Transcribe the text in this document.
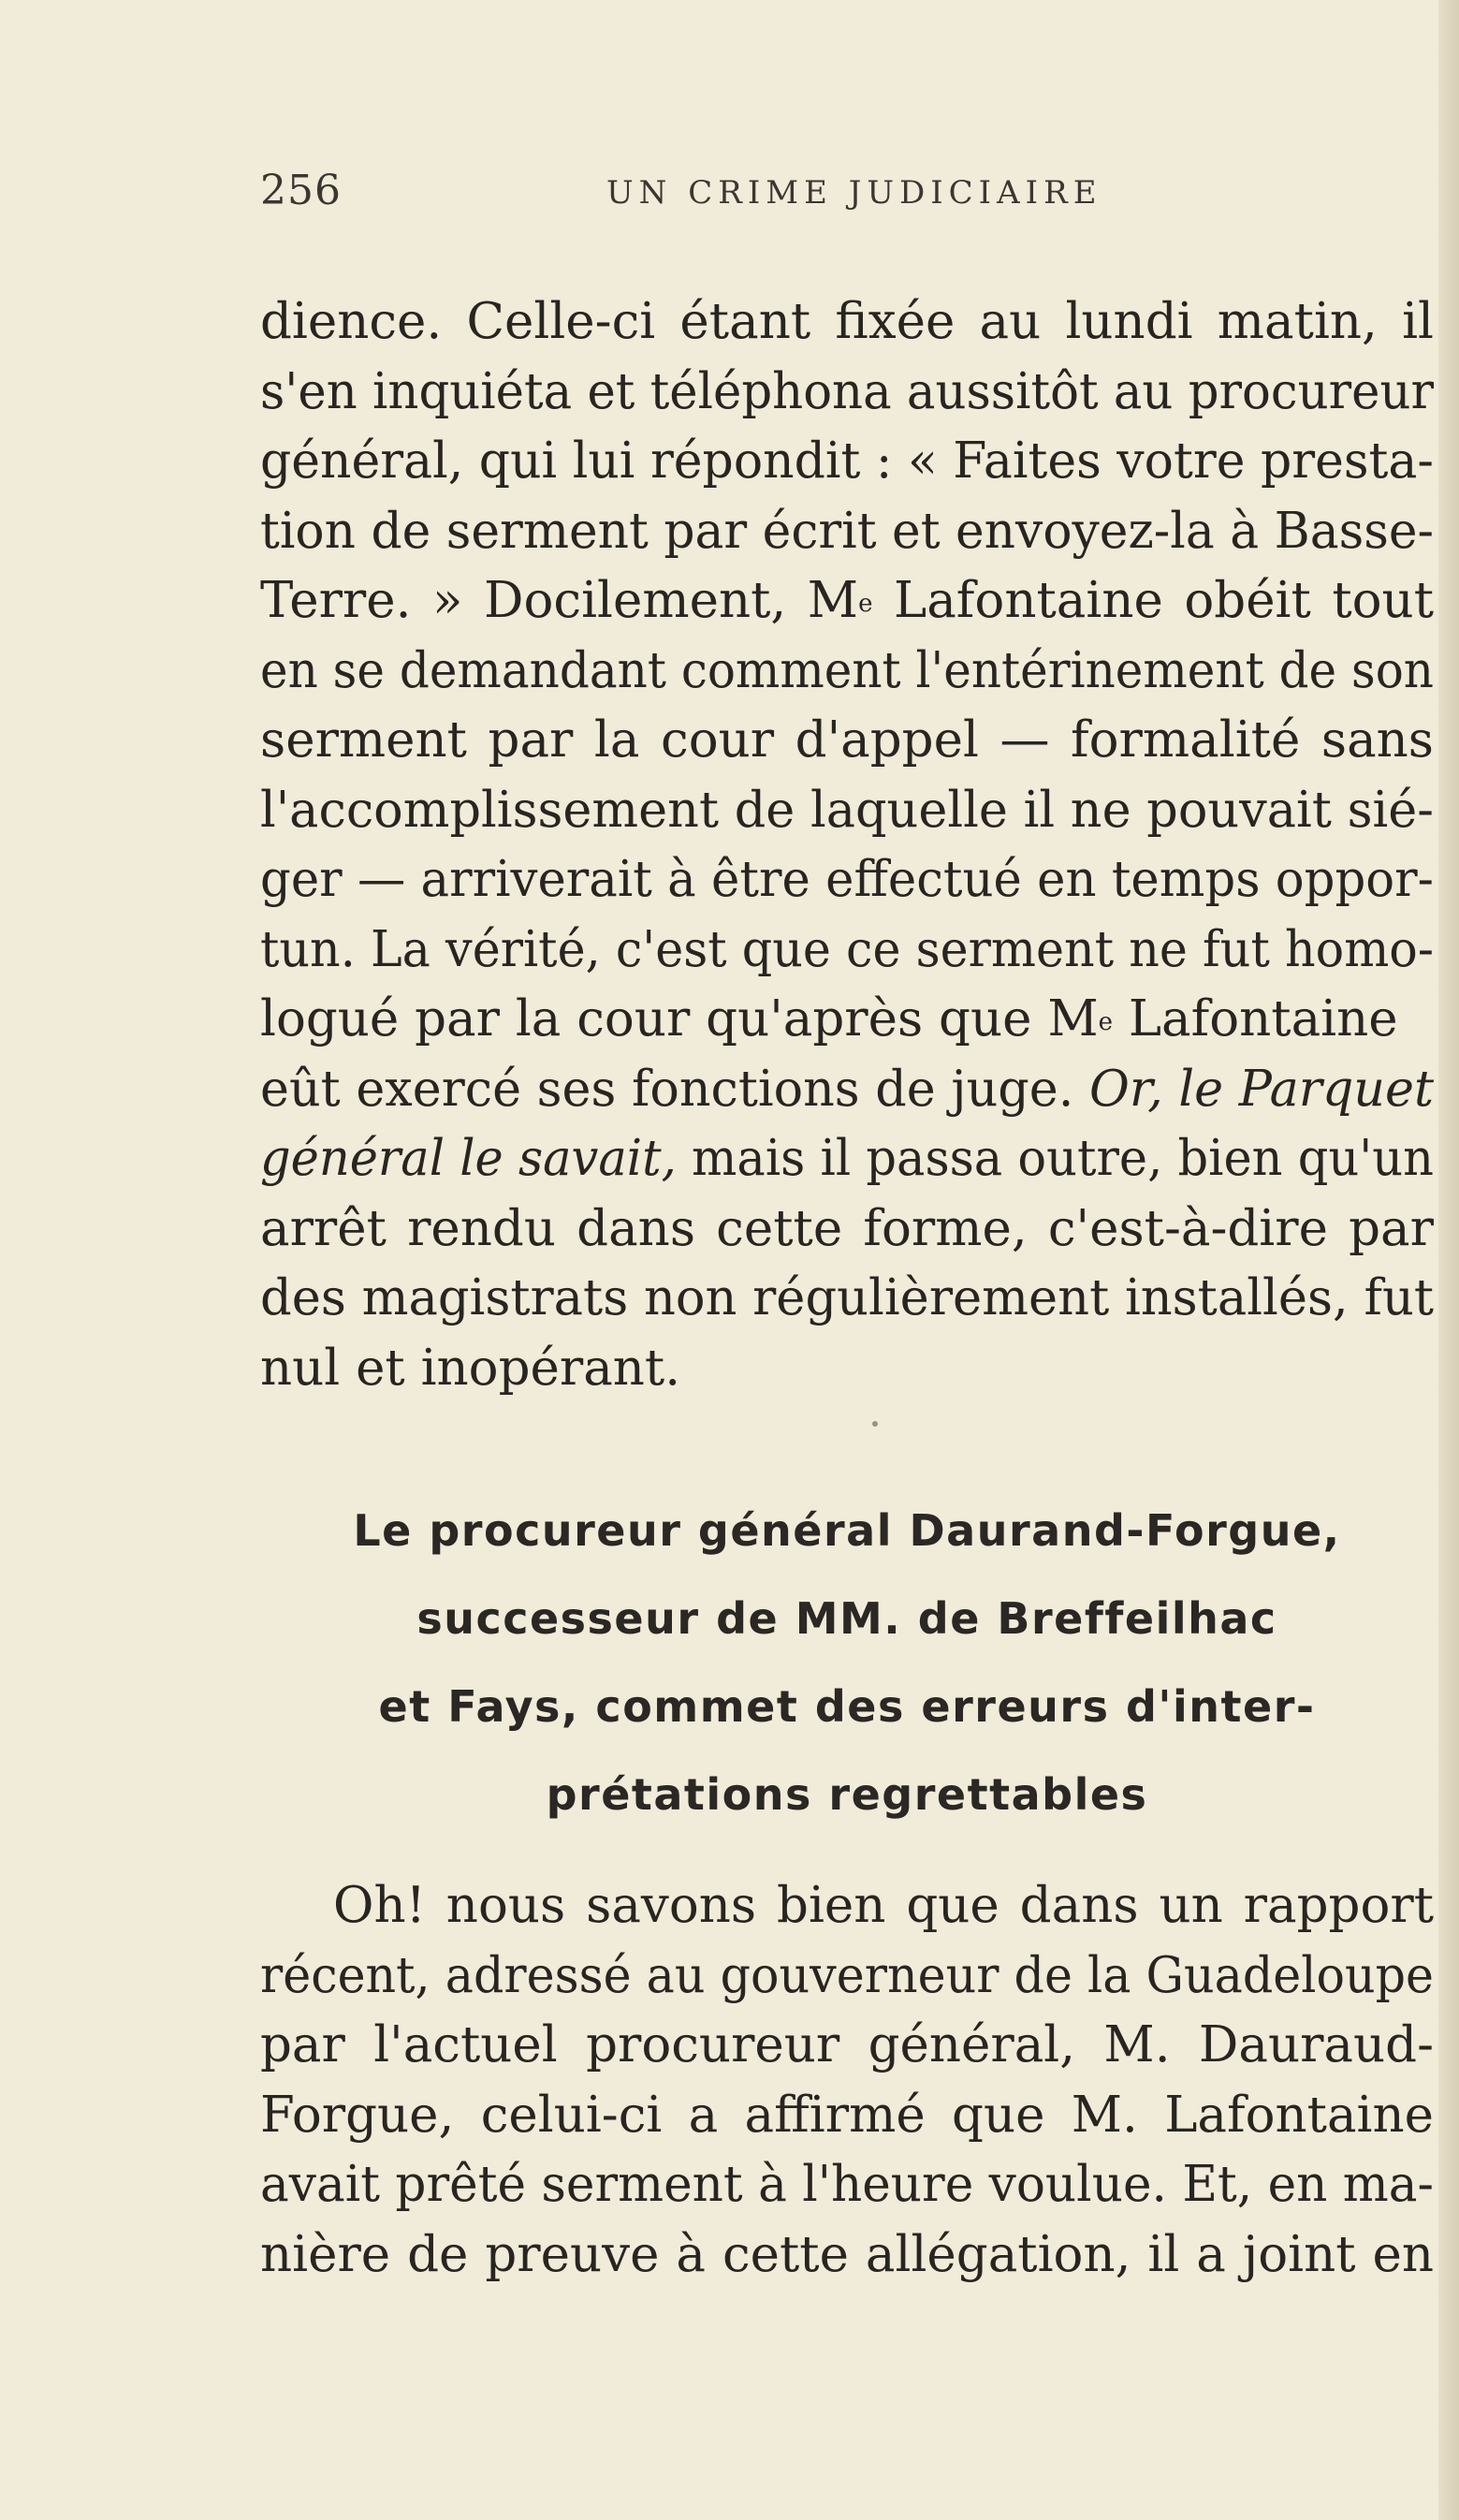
256	UN CRIME JUDICIAIRE
dience. Celle-ci étant fixée au lundi matin, il
s'en inquiéta et téléphona aussitôt au procureur
général, qui lui répondit : « Faites votre presta-
tion de serment par écrit et envoyez-la à Basse-
Terre. » Docilement, Me Lafontaine obéit tout
en se demandant comment l'entérinement de son
serment par la cour d'appel — formalité sans
l'accomplissement de laquelle il ne pouvait sié-
ger — arriverait à être effectué en temps oppor-
tun. La vérité, c'est que ce serment ne fut homo-
logué par la cour qu'après que Me Lafontaine
eût exercé ses fonctions de juge. Or, le Parquet
général le savait, mais il passa outre, bien qu'un
arrêt rendu dans cette forme, c'est-à-dire par
des magistrats non régulièrement installés, fut
nul et inopérant.
Le procureur général Daurand-Forgue,
successeur de MM. de Breffeilhac
et Fays, commet des erreurs d'inter-
prétations regrettables
Oh! nous savons bien que dans un rapport
récent, adressé au gouverneur de la Guadeloupe
par l'actuel procureur général, M. Dauraud-
Forgue, celui-ci a affirmé que M. Lafontaine
avait prêté serment à l'heure voulue. Et, en ma-
nière de preuve à cette allégation, il a joint en
